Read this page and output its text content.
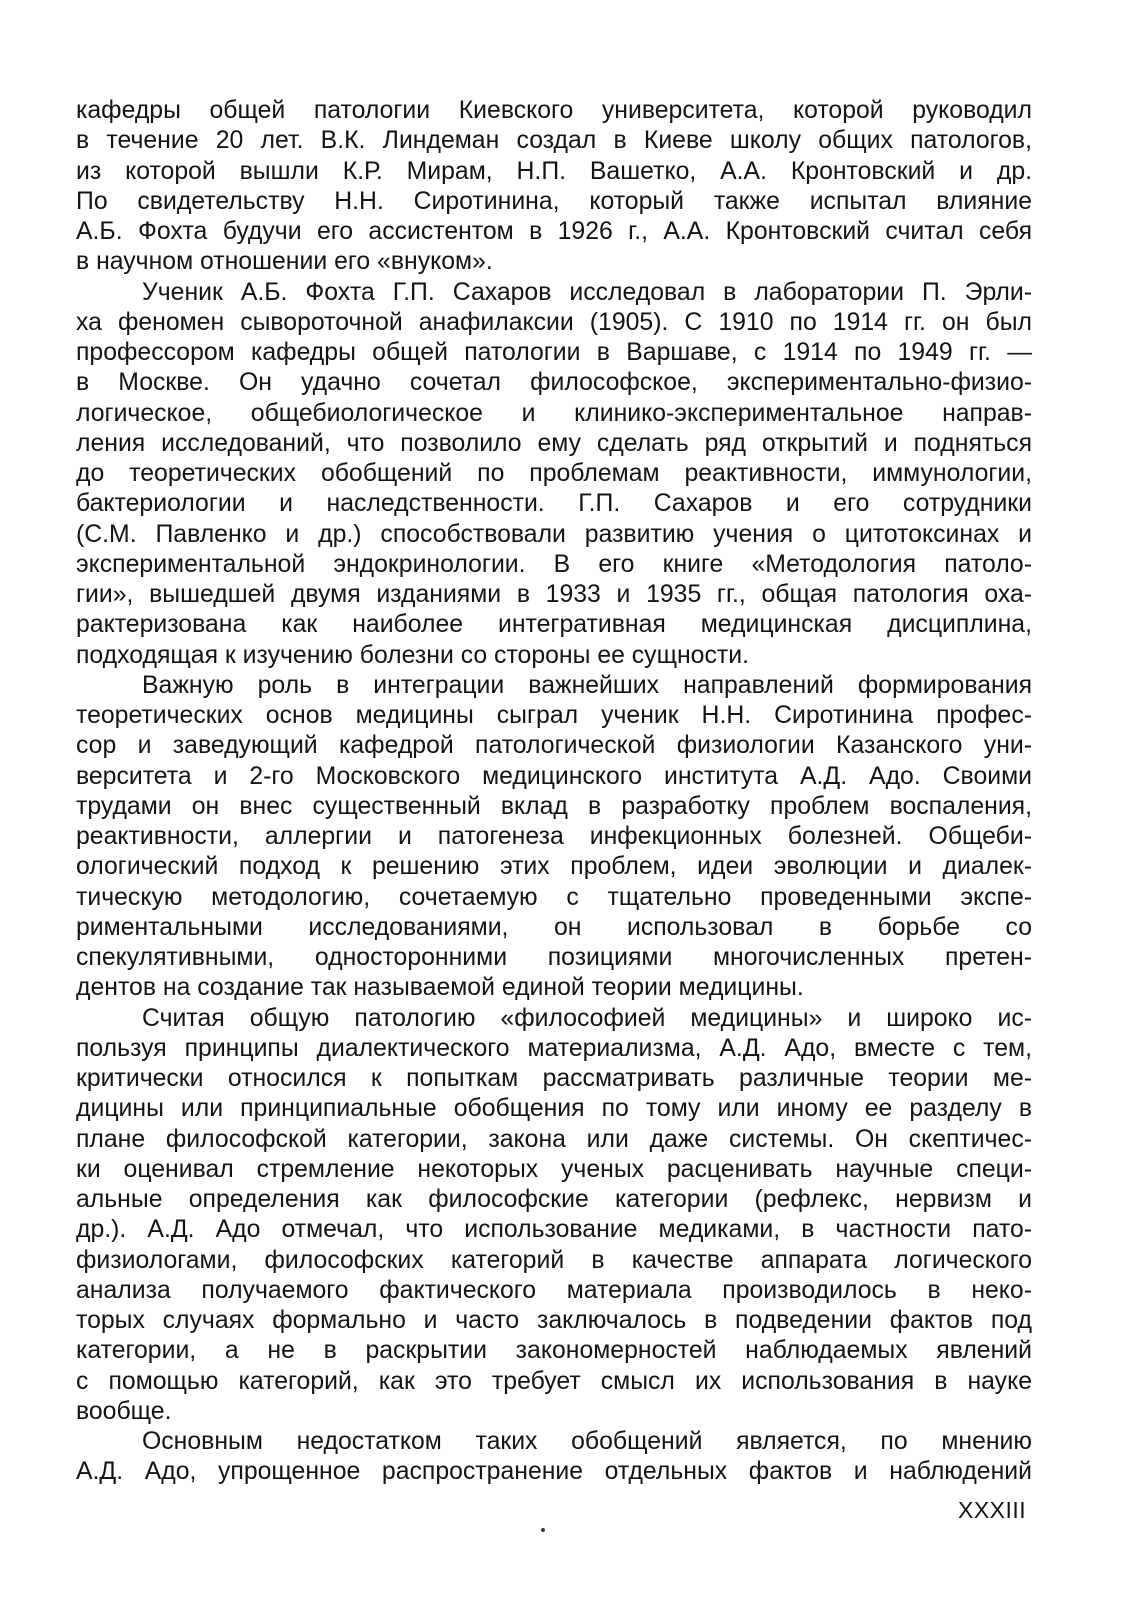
кафедры общей патологии Киевского университета, которой руководил
в течение 20 лет. В.К. Линдеман создал в Киеве школу общих патологов,
из которой вышли К.Р. Мирам, Н.П. Вашетко, А.А. Кронтовский и др.
По свидетельству Н.Н. Сиротинина, который также испытал влияние
А.Б. Фохта будучи его ассистентом в 1926 г., А.А. Кронтовский считал себя
в научном отношении его «внуком».
Ученик А.Б. Фохта Г.П. Сахаров исследовал в лаборатории П. Эрли-
ха феномен сывороточной анафилаксии (1905). С 1910 по 1914 гг. он был
профессором кафедры общей патологии в Варшаве, с 1914 по 1949 гг. —
в Москве. Он удачно сочетал философское, экспериментально-физио-
логическое, общебиологическое и клинико-экспериментальное направ-
ления исследований, что позволило ему сделать ряд открытий и подняться
до теоретических обобщений по проблемам реактивности, иммунологии,
бактериологии и наследственности. Г.П. Сахаров и его сотрудники
(С.М. Павленко и др.) способствовали развитию учения о цитотоксинах и
экспериментальной эндокринологии. В его книге «Методология патоло-
гии», вышедшей двумя изданиями в 1933 и 1935 гг., общая патология оха-
рактеризована как наиболее интегративная медицинская дисциплина,
подходящая к изучению болезни со стороны ее сущности.
Важную роль в интеграции важнейших направлений формирования
теоретических основ медицины сыграл ученик Н.Н. Сиротинина профес-
сор и заведующий кафедрой патологической физиологии Казанского уни-
верситета и 2-го Московского медицинского института А.Д. Адо. Своими
трудами он внес существенный вклад в разработку проблем воспаления,
реактивности, аллергии и патогенеза инфекционных болезней. Общеби-
ологический подход к решению этих проблем, идеи эволюции и диалек-
тическую методологию, сочетаемую с тщательно проведенными экспе-
риментальными исследованиями, он использовал в борьбе со
спекулятивными, односторонними позициями многочисленных претен-
дентов на создание так называемой единой теории медицины.
Считая общую патологию «философией медицины» и широко ис-
пользуя принципы диалектического материализма, А.Д. Адо, вместе с тем,
критически относился к попыткам рассматривать различные теории ме-
дицины или принципиальные обобщения по тому или иному ее разделу в
плане философской категории, закона или даже системы. Он скептичес-
ки оценивал стремление некоторых ученых расценивать научные специ-
альные определения как философские категории (рефлекс, нервизм и
др.). А.Д. Адо отмечал, что использование медиками, в частности пато-
физиологами, философских категорий в качестве аппарата логического
анализа получаемого фактического материала производилось в неко-
торых случаях формально и часто заключалось в подведении фактов под
категории, а не в раскрытии закономерностей наблюдаемых явлений
с помощью категорий, как это требует смысл их использования в науке
вообще.
Основным недостатком таких обобщений является, по мнению
А.Д. Адо, упрощенное распространение отдельных фактов и наблюдений
XXXIII
